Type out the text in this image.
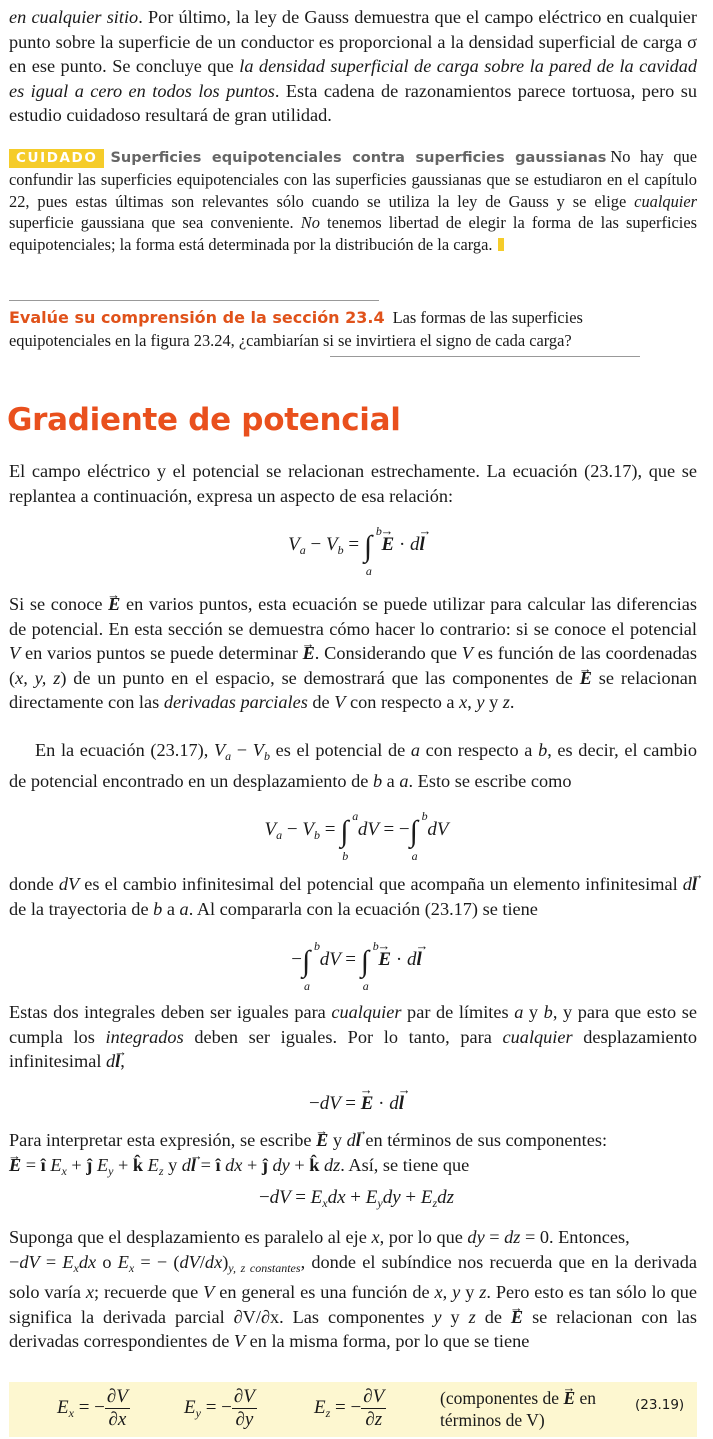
en cualquier sitio. Por último, la ley de Gauss demuestra que el campo eléctrico en cualquier punto sobre la superficie de un conductor es proporcional a la densidad superficial de carga σ en ese punto. Se concluye que la densidad superficial de carga sobre la pared de la cavidad es igual a cero en todos los puntos. Esta cadena de razonamientos parece tortuosa, pero su estudio cuidadoso resultará de gran utilidad.
CUIDADO Superficies equipotenciales contra superficies gaussianas No hay que confundir las superficies equipotenciales con las superficies gaussianas que se estudiaron en el capítulo 22, pues estas últimas son relevantes sólo cuando se utiliza la ley de Gauss y se elige cualquier superficie gaussiana que sea conveniente. No tenemos libertad de elegir la forma de las superficies equipotenciales; la forma está determinada por la distribución de la carga.
Evalúe su comprensión de la sección 23.4 Las formas de las superficies equipotenciales en la figura 23.24, ¿cambiarían si se invirtiera el signo de cada carga?
Gradiente de potencial
El campo eléctrico y el potencial se relacionan estrechamente. La ecuación (23.17), que se replantea a continuación, expresa un aspecto de esa relación:
$V_a - V_b$ = ∫ b
a
→ E · d→ l
Si se conoce → E en varios puntos, esta ecuación se puede utilizar para calcular las diferencias de potencial. En esta sección se demuestra cómo hacer lo contrario: si se conoce el potencial V en varios puntos se puede determinar → E. Considerando que V es función de las coordenadas (x, y, z) de un punto en el espacio, se demostrará que las componentes de → E se relacionan directamente con las derivadas parciales de V con respecto a x, y y z.
En la ecuación (23.17), $V_a - V_b$ es el potencial de a con respecto a b, es decir, el cambio de potencial encontrado en un desplazamiento de b a a. Esto se escribe como
$V_a - V_b$ = ∫ a
b
dV = −∫ b
a
dV
donde dV es el cambio infinitesimal del potencial que acompaña un elemento infinitesimal d→ l de la trayectoria de b a a. Al compararla con la ecuación (23.17) se tiene
−∫ b
a
dV = ∫ b
a
→ E · d→ l
Estas dos integrales deben ser iguales para cualquier par de límites a y b, y para que esto se cumpla los integrados deben ser iguales. Por lo tanto, para cualquier desplazamiento infinitesimal d→ l,
−dV = → E · d→ l
Para interpretar esta expresión, se escribe → E y d→ l en términos de sus componentes:
→ E = î $E_x$ + ĵ $E_y$ + k̂ $E_z$ y d→ l = î dx + ĵ dy + k̂ dz. Así, se tiene que
$-dV = E_xdx + E_ydy + E_zdz$
Suponga que el desplazamiento es paralelo al eje x, por lo que dy = dz = 0. Entonces,
$-dV = E_xdx$ o $E_x$ = − $(dV/dx)_{y, z constantes}$, donde el subíndice nos recuerda que en la derivada solo varía x; recuerde que V en general es una función de x, y y z. Pero esto es tan sólo lo que significa la derivada parcial ∂V/∂x. Las componentes y y z de → E se relacionan con las derivadas correspondientes de V en la misma forma, por lo que se tiene
$E_x$ = − $\frac{\partial V}{\partial x}$	$E_y$ = − $\frac{\partial V}{\partial y}$	$E_z$ = − $\frac{\partial V}{\partial z}$	(componentes de → E en
términos de V)
(23.19)
